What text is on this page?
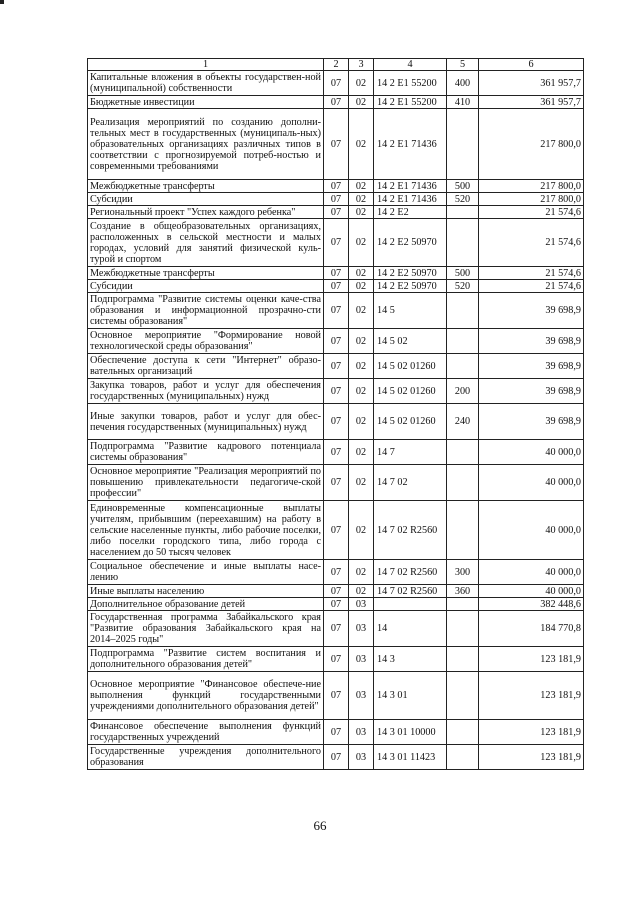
1	2	3	4	5	6
Капитальные вложения в объекты государствен-ной (муниципальной) собственности	07	02	14 2 E1 55200	400	361 957,7
Бюджетные инвестиции	07	02	14 2 E1 55200	410	361 957,7
Реализация мероприятий по созданию дополни-тельных мест в государственных (муниципаль-ных) образовательных организациях различных типов в соответствии с прогнозируемой потреб-ностью и современными требованиями	07	02	14 2 E1 71436		217 800,0
Межбюджетные трансферты	07	02	14 2 E1 71436	500	217 800,0
Субсидии	07	02	14 2 E1 71436	520	217 800,0
Региональный проект "Успех каждого ребенка"	07	02	14 2 E2		21 574,6
Создание в общеобразовательных организациях, расположенных в сельской местности и малых городах, условий для занятий физической куль-турой и спортом	07	02	14 2 E2 50970		21 574,6
Межбюджетные трансферты	07	02	14 2 E2 50970	500	21 574,6
Субсидии	07	02	14 2 E2 50970	520	21 574,6
Подпрограмма "Развитие системы оценки каче-ства образования и информационной прозрачно-сти системы образования"	07	02	14 5		39 698,9
Основное мероприятие "Формирование новой технологической среды образования"	07	02	14 5 02		39 698,9
Обеспечение доступа к сети "Интернет" образо-вательных организаций	07	02	14 5 02 01260		39 698,9
Закупка товаров, работ и услуг для обеспечения государственных (муниципальных) нужд	07	02	14 5 02 01260	200	39 698,9
Иные закупки товаров, работ и услуг для обес-печения государственных (муниципальных) нужд	07	02	14 5 02 01260	240	39 698,9
Подпрограмма "Развитие кадрового потенциала системы образования"	07	02	14 7		40 000,0
Основное мероприятие "Реализация мероприятий по повышению привлекательности педагогиче-ской профессии"	07	02	14 7 02		40 000,0
Единовременные компенсационные выплаты учителям, прибывшим (переехавшим) на работу в сельские населенные пункты, либо рабочие поселки, либо поселки городского типа, либо города с населением до 50 тысяч человек	07	02	14 7 02 R2560		40 000,0
Социальное обеспечение и иные выплаты насе-лению	07	02	14 7 02 R2560	300	40 000,0
Иные выплаты населению	07	02	14 7 02 R2560	360	40 000,0
Дополнительное образование детей	07	03			382 448,6
Государственная программа Забайкальского края "Развитие образования Забайкальского края на 2014–2025 годы"	07	03	14		184 770,8
Подпрограмма "Развитие систем воспитания и дополнительного образования детей"	07	03	14 3		123 181,9
Основное мероприятие "Финансовое обеспече-ние выполнения функций государственными учреждениями дополнительного образования детей"	07	03	14 3 01		123 181,9
Финансовое обеспечение выполнения функций государственных учреждений	07	03	14 3 01 10000		123 181,9
Государственные учреждения дополнительного образования	07	03	14 3 01 11423		123 181,9
66
